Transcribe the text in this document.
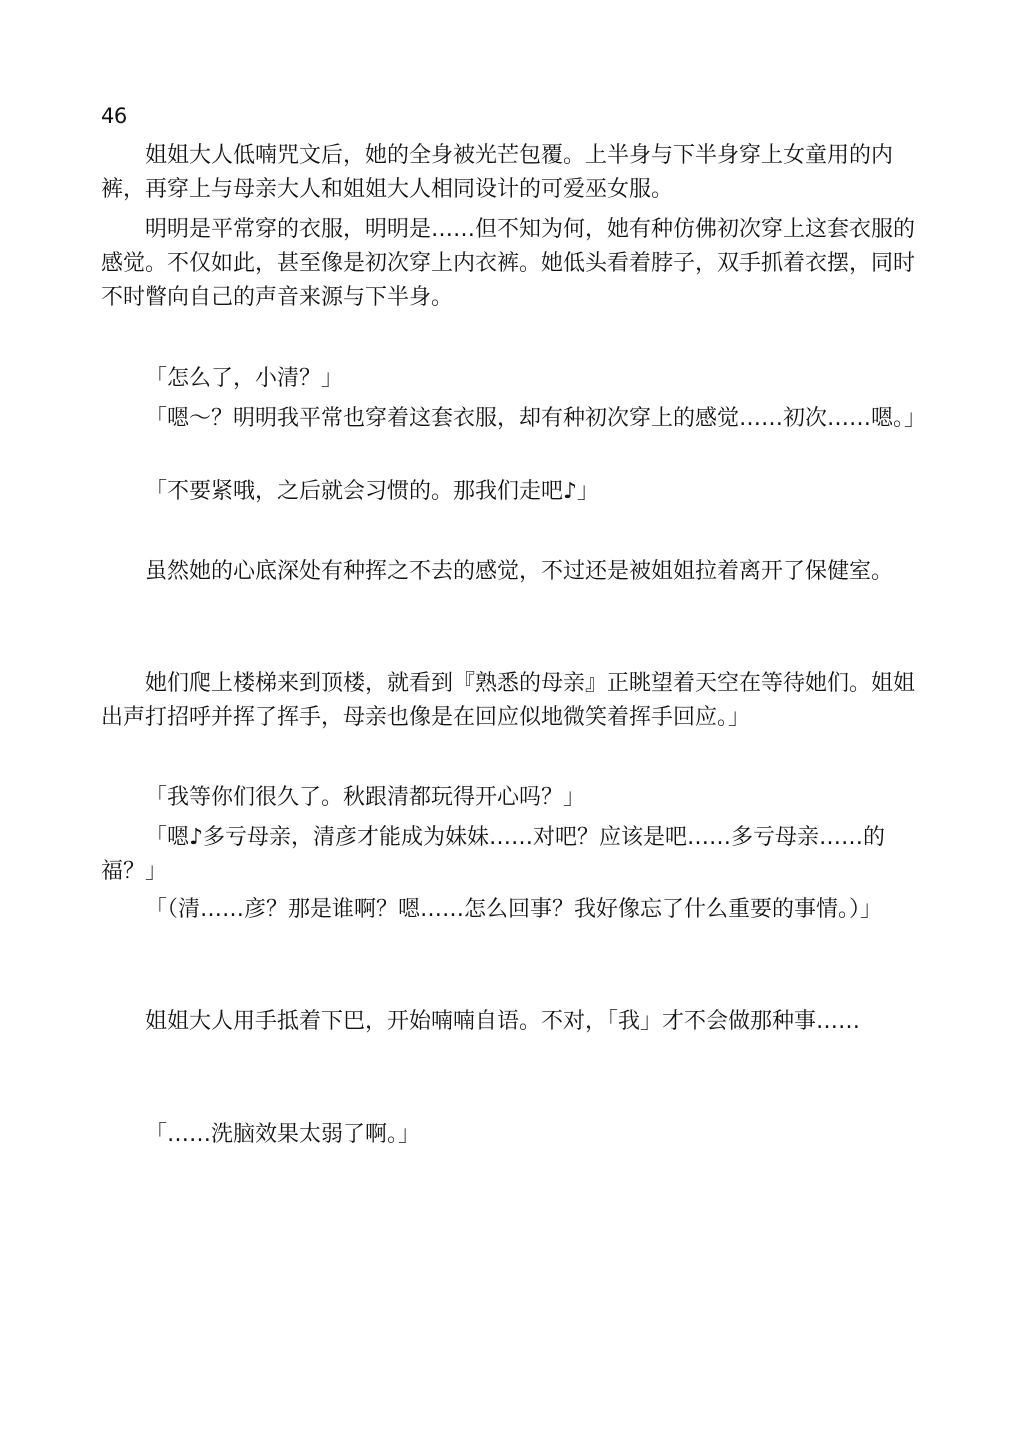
46

姐姐大人低喃咒文后，她的全身被光芒包覆。上半身与下半身穿上女童用的内裤，再穿上与母亲大人和姐姐大人相同设计的可爱巫女服。

明明是平常穿的衣服，明明是……但不知为何，她有种仿佛初次穿上这套衣服的感觉。不仅如此，甚至像是初次穿上内衣裤。她低头看着脖子，双手抓着衣摆，同时不时瞥向自己的声音来源与下半身。

「怎么了，小清？」

「嗯～？明明我平常也穿着这套衣服，却有种初次穿上的感觉……初次……嗯。」

「不要紧哦，之后就会习惯的。那我们走吧♪」

虽然她的心底深处有种挥之不去的感觉，不过还是被姐姐拉着离开了保健室。

她们爬上楼梯来到顶楼，就看到『熟悉的母亲』正眺望着天空在等待她们。姐姐出声打招呼并挥了挥手，母亲也像是在回应似地微笑着挥手回应。」

「我等你们很久了。秋跟清都玩得开心吗？」

「嗯♪多亏母亲，清彦才能成为妹妹……对吧？应该是吧……多亏母亲……的福？」

「（清……彦？那是谁啊？嗯……怎么回事？我好像忘了什么重要的事情。）」

姐姐大人用手抵着下巴，开始喃喃自语。不对，「我」才不会做那种事……

「……洗脑效果太弱了啊。」
